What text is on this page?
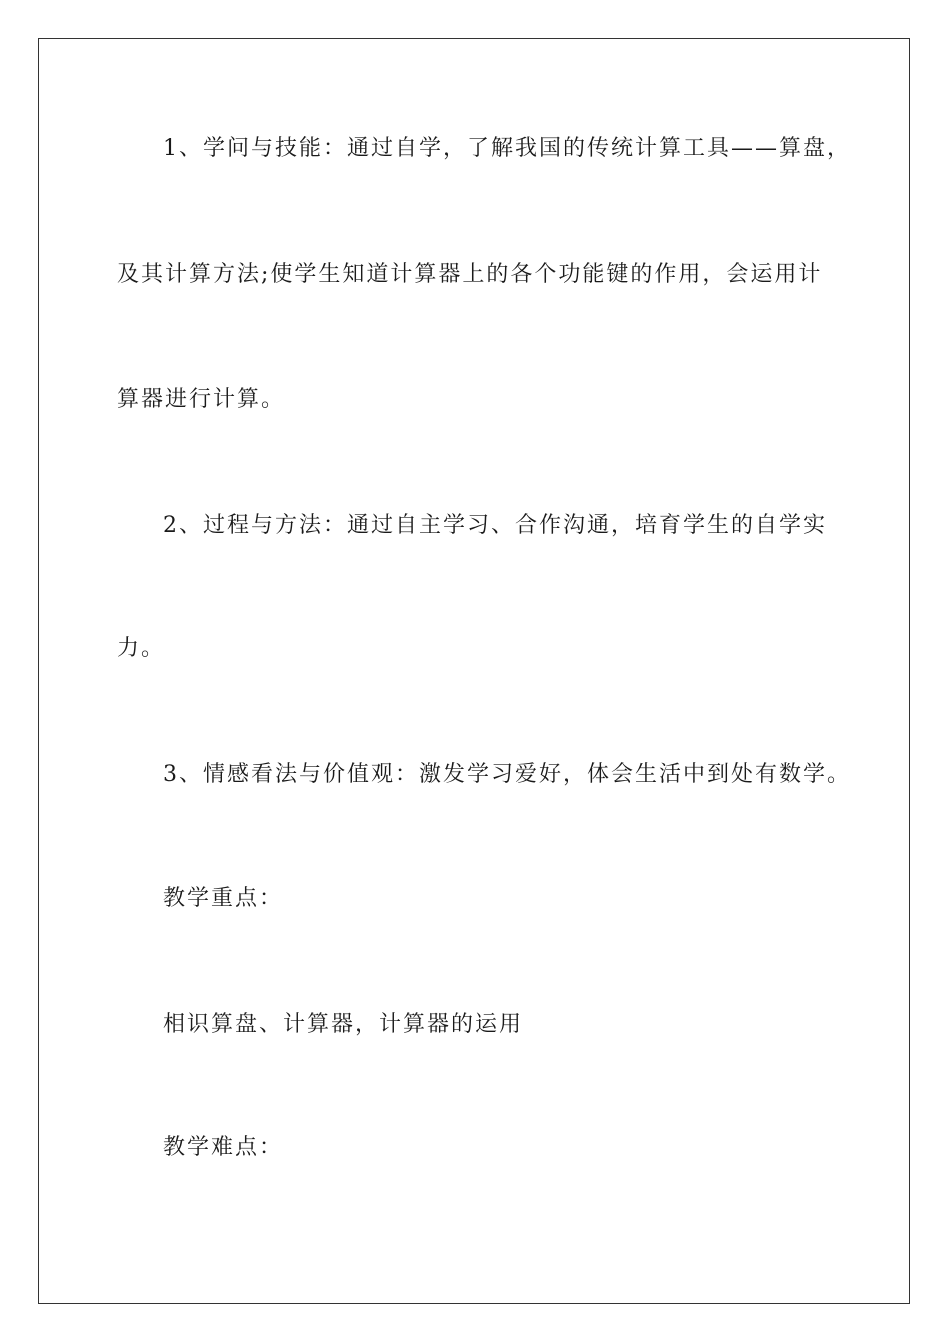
1、学问与技能：通过自学，了解我国的传统计算工具——算盘，
及其计算方法;使学生知道计算器上的各个功能键的作用，会运用计
算器进行计算。
2、过程与方法：通过自主学习、合作沟通，培育学生的自学实
力。
3、情感看法与价值观：激发学习爱好，体会生活中到处有数学。
教学重点：
相识算盘、计算器，计算器的运用
教学难点：
